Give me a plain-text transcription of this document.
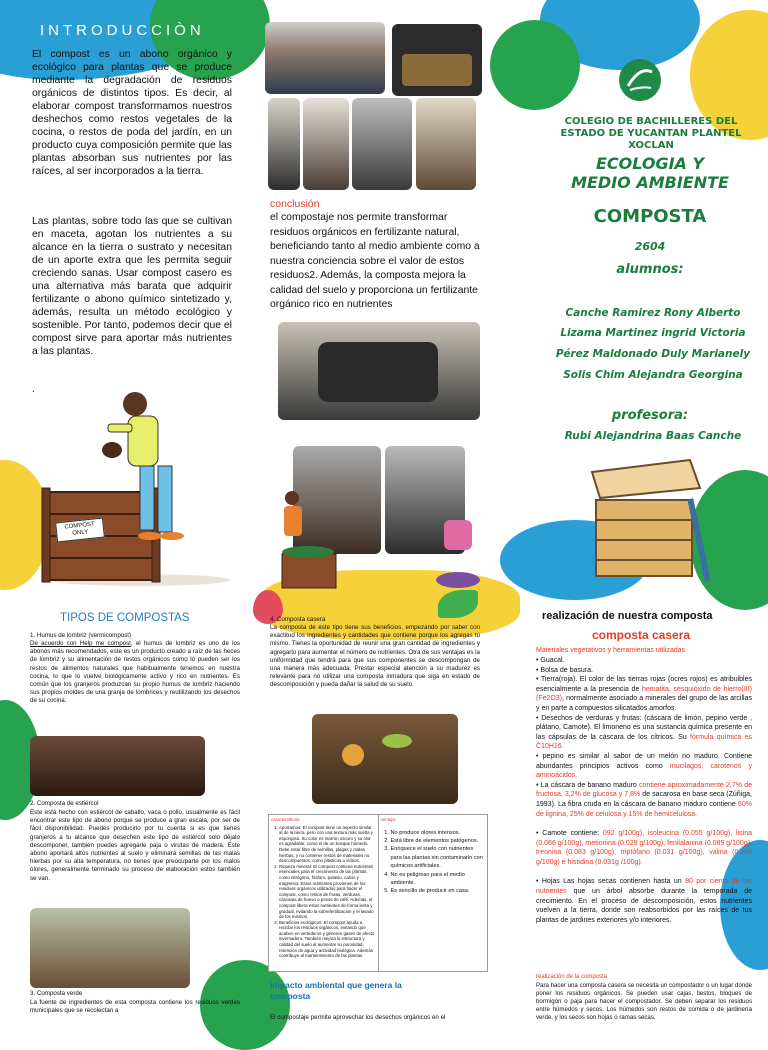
INTRODUCCIÒN
El compost es un abono orgánico y ecológico para plantas que se produce mediante la degradación de residuos orgánicos de distintos tipos. Es decir, al elaborar compost transformamos nuestros deshechos como restos vegetales de la cocina, o restos de poda del jardín, en un producto cuya composición permite que las plantas absorban sus nutrientes por las raíces, al ser incorporados a la tierra.
Las plantas, sobre todo las que se cultivan en maceta, agotan los nutrientes a su alcance en la tierra o sustrato y necesitan de un aporte extra que les permita seguir creciendo sanas. Usar compost casero es una alternativa más barata que adquirir fertilizante o abono químico sintetizado y, además, resulta un método ecológico y sostenible. Por tanto, podemos decir que el compost sirve para aportar más nutrientes a las plantas.
.
COMPOST ONLY
conclusión
el compostaje nos permite transformar residuos orgánicos en fertilizante natural, beneficiando tanto al medio ambiente como a nuestra conciencia sobre el valor de estos residuos2. Además, la composta mejora la calidad del suelo y proporciona un fertilizante orgánico rico en nutrientes
COLEGIO DE BACHILLERES DEL ESTADO DE YUCANTAN PLANTEL XOCLAN
ECOLOGIA Y MEDIO AMBIENTE
COMPOSTA
2604
alumnos:
Canche Ramirez Rony Alberto
Lizama Martinez ingrid Victoria
Pérez Maldonado Duly Marianely
Solis Chim Alejandra Georgina
profesora:
Rubi Alejandrina Baas Canche
TIPOS DE COMPOSTAS
1. Humus de lombriz (vermicompost)
De acuerdo con Help me compost, el humus de lombriz es uno de los abonos más recomendados, este es un producto creado a raíz de las heces de lombriz y su alimentación de restos orgánicos como lo pueden ser los restos de alimentos naturales que habitualmente tenemos en nuestra cocina, lo que lo vuelve biológicamente activo y rico en nutrientes. Es común que los granjeros produzcan su propio humus de lombriz haciendo sus propios moldes de una granja de lombrices y reutilizando los desechos de su cocina.
2. Composta de estiércol
Este está hecho con estiércol de caballo, vaca o pollo, usualmente es fácil encontrar este tipo de abono porque se produce a gran escala, por ser de fácil disponibilidad. Puedes producirlo por tu cuenta si es que tienes granjeros a tu alcance que desechen este tipo de estiércol solo déjalo descomponer, también puedes agregarle paja o virutas de madera. Este abono aportará altos nutrientes al suelo y eliminará semillas de las malas hierbas por su alta temperatura, no tienes que preocuparte por los malos olores, generalmente terminado su proceso de elaboración estos también se van.
3. Composta verde
La fuente de ingredientes de esta composta contiene los residuos verdes municipales que se recolectan a
4. Composta casera
La composta de este tipo tiene sus beneficios, empezando por saber con exactitud los ingredientes y cantidades que contiene porque los agregas tú mismo. Tienes la oportunidad de reunir una gran cantidad de ingredientes y agregarlo para aumentar el número de nutrientes. Otra de sus ventajas es la uniformidad que tendrá para que sus componentes se descompongan de una manera más adecuada. Prestar especial atención a su madurez es relevante para no utilizar una composta inmadura que siga en estado de descomposición y pueda dañar la salud de su suelo.
caracteristicas:
1. Aportamos: El compost tiene un aspecto similar al de la tierra, pero con una textura más suelta y esponjosa. Su color es marrón oscuro y su olor es agradable, como el de un bosque húmedo. Debe estar libre de semillas, plagas y malas hierbas, y no contener restos de materiales no descompuestos, como plásticos o vidrios.
2. Riqueza mineral: El compost contiene nutrientes esenciales para el crecimiento de las plantas, como nitrógeno, fósforo, potasio, calcio y magnesio. Estos nutrientes provienen de los residuos orgánicos utilizados para hacer el compost, como restos de frutas, verduras, cáscaras de huevo o posos de café. Además, el compost libera estos nutrientes de forma lenta y gradual, evitando la sobrefertilización y el lavado de los mismos.
3. Beneficios ecológicos: El compost ayuda a reciclar los residuos orgánicos, evitando que acaben en vertederos y generen gases de efecto invernadero. También mejora la estructura y calidad del suelo al aumentar su porosidad, retención de agua y actividad biológica. Además contribuye al mantenimiento de las plantas.

ventaja:
1. No produce olores intensos.
2. Está libre de elementos patógenos.
3. Enriquece el suelo con nutrientes para las plantas sin contaminarlo con químicos artificiales.
4. No es peligroso para el medio ambiente.
5. Es sencillo de producir en casa.
impacto ambiental que genera la composta
El compostaje permite aprovechar los desechos orgánicos en el
realización de nuestra composta
composta casera
Materiales vegetativos y herramientas utilizadas
• Guacal.
• Bolsa de basura.
• Tierra(roja). El color de las tierras rojas (ocres rojos) es atribuibles esencialmente a la presencia de hematita, sesquióxido de hierro(III) (Fe2O3), normalmente asociado a minerales del grupo de las arcillas y en parte a compuestos silicatados amorfos.
• Desechos de verduras y frutas: (cáscara de limón, pepino verde , plátano, Camote). El limoneno es una sustancia química presente en las cápsulas de la cáscara de los cítricos. Su fórmula química es C10H16.
• pepino es similar al sabor de un melón no maduro. Contiene abundantes principios activos como mucilagos, carotenos y aminoácidos.
• La cáscara de banano maduro contiene aproximadamente 2,7% de fructosa, 3,2% de glucosa y 7,8% de sacarosa en base seca (Zúñiga, 1993). La fibra cruda en la cáscara de banano maduro contiene 60% de lignina, 25% de celulosa y 15% de hemicelulosa.
• Camote contiene: 092 g/100g), isoleucina (0.055 g/100g), lisina (0.066 g/100g), metionina (0.029 g/100g), fenilalanina (0.089 g/100g), treonina (0.083 g/100g), triptófano (0.031 g/100g), valina (0.086 g/100g) e histidina (0.031g /100g).
• Hojas Las hojas secas contienen hasta un 80 por ciento de los nutrientes que un árbol absorbe durante la temporada de crecimiento. En el proceso de descomposición, estos nutrientes vuelven a la tierra, donde son reabsorbidos por las raíces de tus plantas de jardines exteriores y/o interiores.
realización de la composta
Para hacer una composta casera se necesita un compostador o un lugar donde poner los residuos orgánicos. Se pueden usar cajas, tiestos, bloques de hormigón o paja para hacer el compostador. Se deben separar los residuos entre húmedos y secos. Los húmedos son restos de comida o de jardinería verde, y los secos son hojas o ramas secas.
